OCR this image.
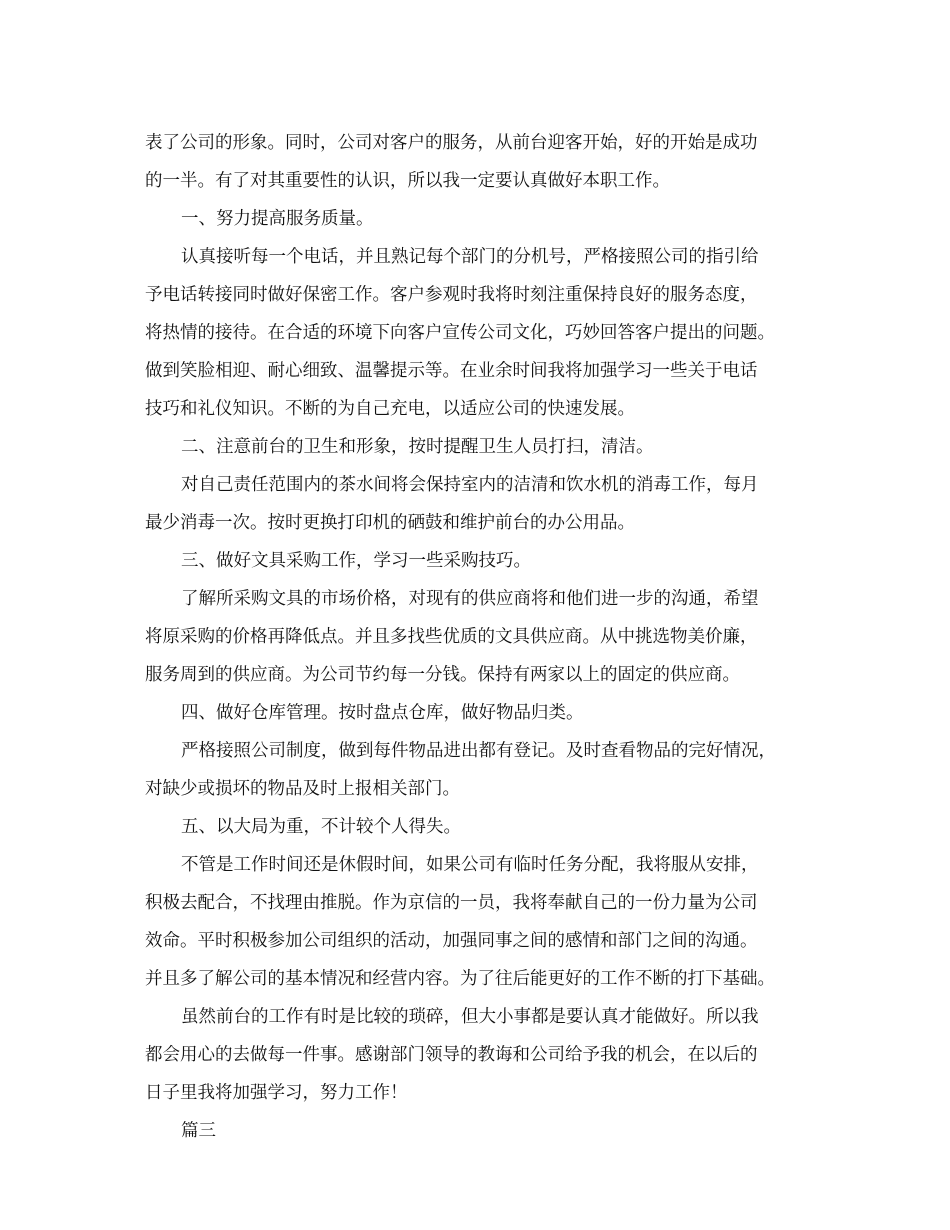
表了公司的形象。同时，公司对客户的服务，从前台迎客开始，好的开始是成功
的一半。有了对其重要性的认识，所以我一定要认真做好本职工作。
一、努力提高服务质量。
认真接听每一个电话，并且熟记每个部门的分机号，严格接照公司的指引给
予电话转接同时做好保密工作。客户参观时我将时刻注重保持良好的服务态度，
将热情的接待。在合适的环境下向客户宣传公司文化，巧妙回答客户提出的问题。
做到笑脸相迎、耐心细致、温馨提示等。在业余时间我将加强学习一些关于电话
技巧和礼仪知识。不断的为自己充电，以适应公司的快速发展。
二、注意前台的卫生和形象，按时提醒卫生人员打扫，清洁。
对自己责任范围内的茶水间将会保持室内的洁清和饮水机的消毒工作，每月
最少消毒一次。按时更换打印机的硒鼓和维护前台的办公用品。
三、做好文具采购工作，学习一些采购技巧。
了解所采购文具的市场价格，对现有的供应商将和他们进一步的沟通，希望
将原采购的价格再降低点。并且多找些优质的文具供应商。从中挑选物美价廉，
服务周到的供应商。为公司节约每一分钱。保持有两家以上的固定的供应商。
四、做好仓库管理。按时盘点仓库，做好物品归类。
严格接照公司制度，做到每件物品进出都有登记。及时查看物品的完好情况，
对缺少或损坏的物品及时上报相关部门。
五、以大局为重，不计较个人得失。
不管是工作时间还是休假时间，如果公司有临时任务分配，我将服从安排，
积极去配合，不找理由推脱。作为京信的一员，我将奉献自己的一份力量为公司
效命。平时积极参加公司组织的活动，加强同事之间的感情和部门之间的沟通。
并且多了解公司的基本情况和经营内容。为了往后能更好的工作不断的打下基础。
虽然前台的工作有时是比较的琐碎，但大小事都是要认真才能做好。所以我
都会用心的去做每一件事。感谢部门领导的教诲和公司给予我的机会，在以后的
日子里我将加强学习，努力工作！
篇三
